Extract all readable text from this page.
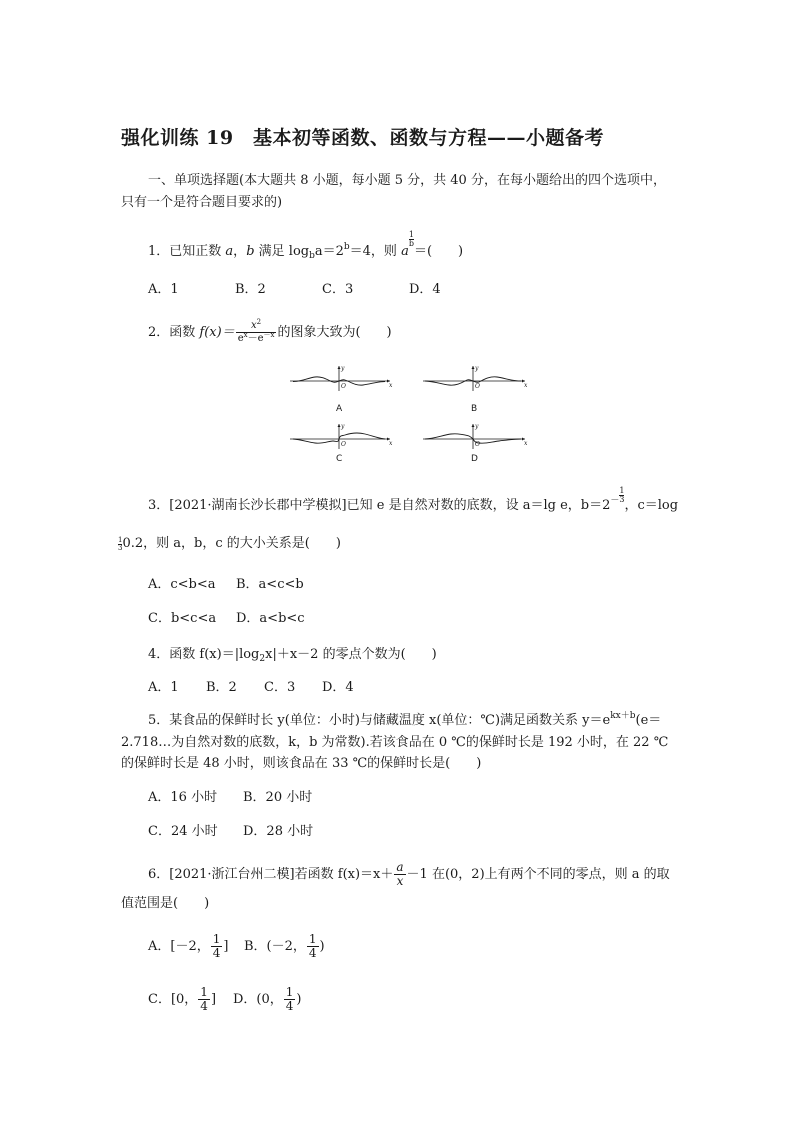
强化训练 19　基本初等函数、函数与方程——小题备考
一、单项选择题(本大题共 8 小题，每小题 5 分，共 40 分，在每小题给出的四个选项中，
只有一个是符合题目要求的)
1．已知正数 a，b 满足 $\log_ba=2^b=4$，则 a
$\frac{1}{b}$
＝(　　)
A．1	B．2	C．3	D．4
2．函数 $f(x)= \frac{x^2}{e^x-e^{-x}}$ 的图象大致为(　　)
y
x
O
A
y
x
O
B
y
x
O
C
y
x
O
D
3．[2021·湖南长沙长郡中学模拟]已知 e 是自然对数的底数，设 a＝lg e，$b=2^- \frac{1}{3}$
，c＝log
$\frac{1}{3} 0.2$，则 a，b，c 的大小关系是(　　)
A．c<b<a B．a<c<b
C．b<c<a D．a<b<c
4．函数 $f(x)=|\log_2x|+x-2$ 的零点个数为(　　)
A．1 B．2 C．3 D．4
5．某食品的保鲜时长 y(单位：小时)与储藏温度 x(单位：℃)满足函数关系 $y=e^{kx+b}(e=$
2.718…为自然对数的底数，k，b 为常数).若该食品在 0 ℃的保鲜时长是 192 小时，在 22 ℃
的保鲜时长是 48 小时，则该食品在 33 ℃的保鲜时长是(　　)
A．16 小时 B．20 小时
C．24 小时 D．28 小时
6．[2021·浙江台州二模]若函数 $f(x)=x+ \frac{a}{x} -1$ 在(0，2)上有两个不同的零点，则 a 的取
值范围是(　　)
A．[－2， $\frac{1}{4}$ ] B．(－2， $\frac{1}{4}$ )
C．[0， $\frac{1}{4}$ ] D．(0， $\frac{1}{4}$ )
